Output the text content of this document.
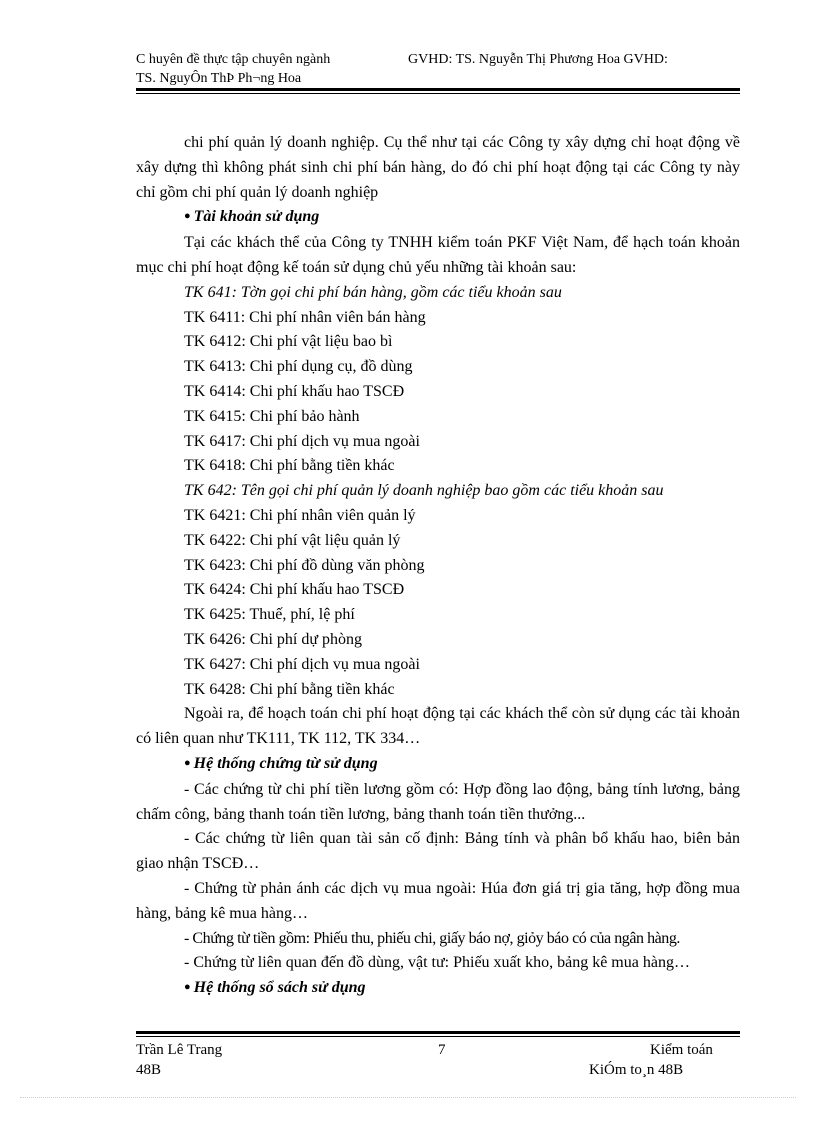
C huyên đề thực tập chuyên ngành	GVHD: TS. Nguyễn Thị Phương Hoa GVHD:
TS. NguyÔn ThÞ Ph¬ng Hoa

chi phí quản lý doanh nghiệp. Cụ thể như tại các Công ty xây dựng chỉ hoạt động về xây dựng thì không phát sinh chi phí bán hàng, do đó chi phí hoạt động tại các Công ty này chỉ gồm chi phí quản lý doanh nghiệp

● Tài khoản sử dụng

Tại các khách thể của Công ty TNHH kiểm toán PKF Việt Nam, để hạch toán khoản mục chi phí hoạt động kế toán sử dụng chủ yếu những tài khoản sau:

TK 641: Tờn gọi chi phí bán hàng, gồm các tiểu khoản sau

TK 6411: Chi phí nhân viên bán hàng

TK 6412: Chi phí vật liệu bao bì

TK 6413: Chi phí dụng cụ, đồ dùng

TK 6414: Chi phí khấu hao TSCĐ

TK 6415: Chi phí bảo hành

TK 6417: Chi phí dịch vụ mua ngoài

TK 6418: Chi phí bằng tiền khác

TK 642: Tên gọi chi phí quản lý doanh nghiệp bao gồm các tiểu khoản sau

TK 6421: Chi phí nhân viên quản lý

TK 6422: Chi phí vật liệu quản lý

TK 6423: Chi phí đồ dùng văn phòng

TK 6424: Chi phí khấu hao TSCĐ

TK 6425: Thuế, phí, lệ phí

TK 6426: Chi phí dự phòng

TK 6427: Chi phí dịch vụ mua ngoài

TK 6428: Chi phí bằng tiền khác

Ngoài ra, để hoạch toán chi phí hoạt động tại các khách thể còn sử dụng các tài khoản có liên quan như TK111, TK 112, TK 334…

● Hệ thống chứng từ sử dụng

- Các chứng từ chi phí tiền lương gồm có: Hợp đồng lao động, bảng tính lương, bảng chấm công, bảng thanh toán tiền lương, bảng thanh toán tiền thưởng...

- Các chứng từ liên quan tài sản cố định: Bảng tính và phân bổ khấu hao, biên bản giao nhận TSCĐ…

- Chứng từ phản ánh các dịch vụ mua ngoài: Húa đơn giá trị gia tăng, hợp đồng mua hàng, bảng kê mua hàng…

- Chứng từ tiền gồm: Phiếu thu, phiếu chi, giấy báo nợ, giỏy báo có của ngân hàng.

- Chứng từ liên quan đến đồ dùng, vật tư: Phiếu xuất kho, bảng kê mua hàng…

● Hệ thống sổ sách sử dụng

Trần Lê Trang
48B
7	Kiểm toán
KiÓm to¸n 48B
